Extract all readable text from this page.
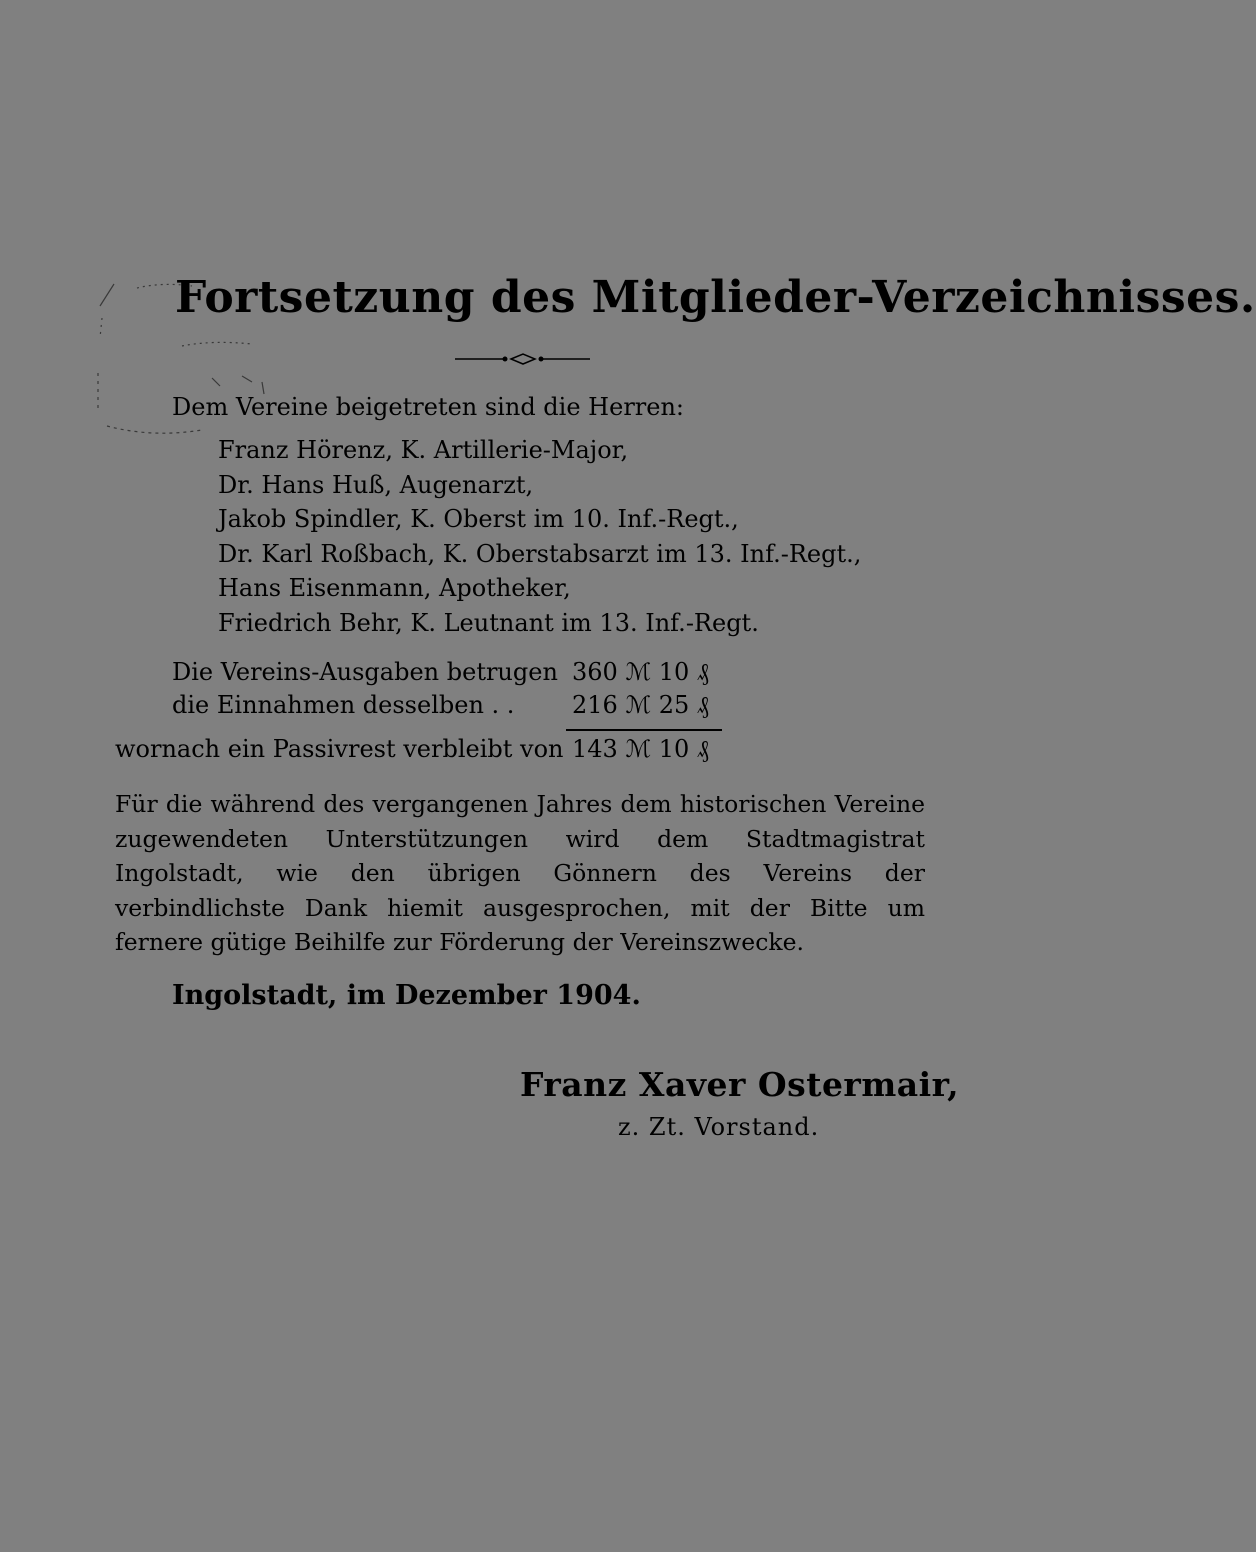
Fortsetzung des Mitglieder-Verzeichnisses.
Dem Vereine beigetreten sind die Herren:
Franz Hörenz, K. Artillerie-Major,
Dr. Hans Huß, Augenarzt,
Jakob Spindler, K. Oberst im 10. Inf.-Regt.,
Dr. Karl Roßbach, K. Oberstabsarzt im 13. Inf.-Regt.,
Hans Eisenmann, Apotheker,
Friedrich Behr, K. Leutnant im 13. Inf.-Regt.
Die Vereins-Ausgaben betrugen 360 ℳ 10 ₰
die Einnahmen desselben . . 216 ℳ 25 ₰
wornach ein Passivrest verbleibt von 143 ℳ 10 ₰

Für die während des vergangenen Jahres dem historischen Vereine zugewendeten Unterstützungen wird dem Stadtmagistrat Ingolstadt, wie den übrigen Gönnern des Vereins der verbindlichste Dank hiemit ausgesprochen, mit der Bitte um fernere gütige Beihilfe zur Förderung der Vereinszwecke.

Ingolstadt, im Dezember 1904.
Franz Xaver Ostermair,
z. Zt. Vorstand.
